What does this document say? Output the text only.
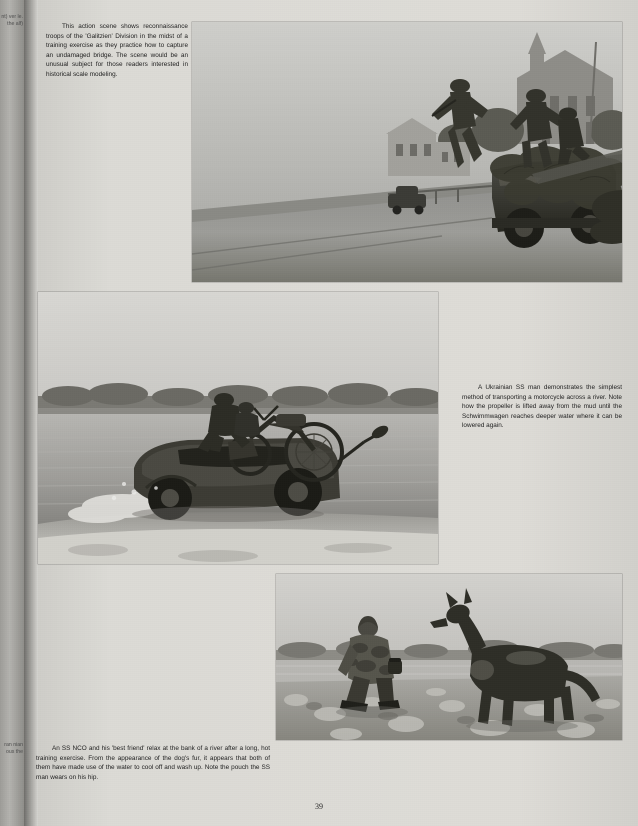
nt) ver le. the alf)
ran nian ous the
This action scene shows reconnaissance troops of the 'Galitzien' Division in the midst of a training exercise as they practice how to capture an undamaged bridge. The scene would be an unusual subject for those readers interested in historical scale modeling.
A Ukrainian SS man demonstrates the simplest method of transporting a motorcycle across a river. Note how the propeller is lifted away from the mud until the Schwimmwagen reaches deeper water where it can be lowered again.
An SS NCO and his 'best friend' relax at the bank of a river after a long, hot training exercise. From the appearance of the dog's fur, it appears that both of them have made use of the water to cool off and wash up. Note the pouch the SS man wears on his hip.
39
